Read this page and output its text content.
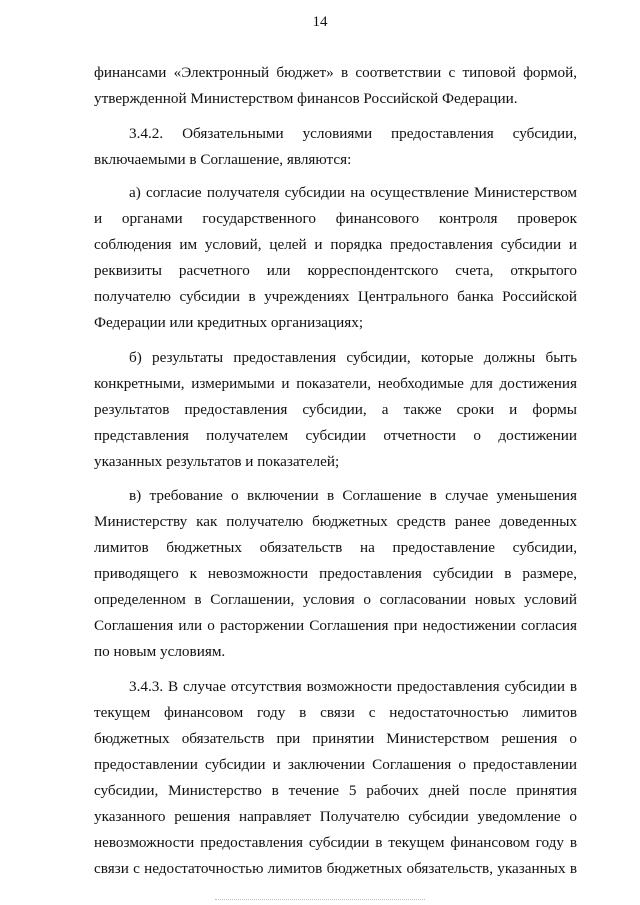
14

финансами «Электронный бюджет» в соответствии с типовой формой, утвержденной Министерством финансов Российской Федерации.

3.4.2. Обязательными условиями предоставления субсидии, включаемыми в Соглашение, являются:

а) согласие получателя субсидии на осуществление Министерством и органами государственного финансового контроля проверок соблюдения им условий, целей и порядка предоставления субсидии и реквизиты расчетного или корреспондентского счета, открытого получателю субсидии в учреждениях Центрального банка Российской Федерации или кредитных организациях;

б) результаты предоставления субсидии, которые должны быть конкретными, измеримыми и показатели, необходимые для достижения результатов предоставления субсидии, а также сроки и формы представления получателем субсидии отчетности о достижении указанных результатов и показателей;

в) требование о включении в Соглашение в случае уменьшения Министерству как получателю бюджетных средств ранее доведенных лимитов бюджетных обязательств на предоставление субсидии, приводящего к невозможности предоставления субсидии в размере, определенном в Соглашении, условия о согласовании новых условий Соглашения или о расторжении Соглашения при недостижении согласия по новым условиям.

3.4.3. В случае отсутствия возможности предоставления субсидии в текущем финансовом году в связи с недостаточностью лимитов бюджетных обязательств при принятии Министерством решения о предоставлении субсидии и заключении Соглашения о предоставлении субсидии, Министерство в течение 5 рабочих дней после принятия указанного решения направляет Получателю субсидии уведомление о невозможности предоставления субсидии в текущем финансовом году в связи с недостаточностью лимитов бюджетных обязательств, указанных в
